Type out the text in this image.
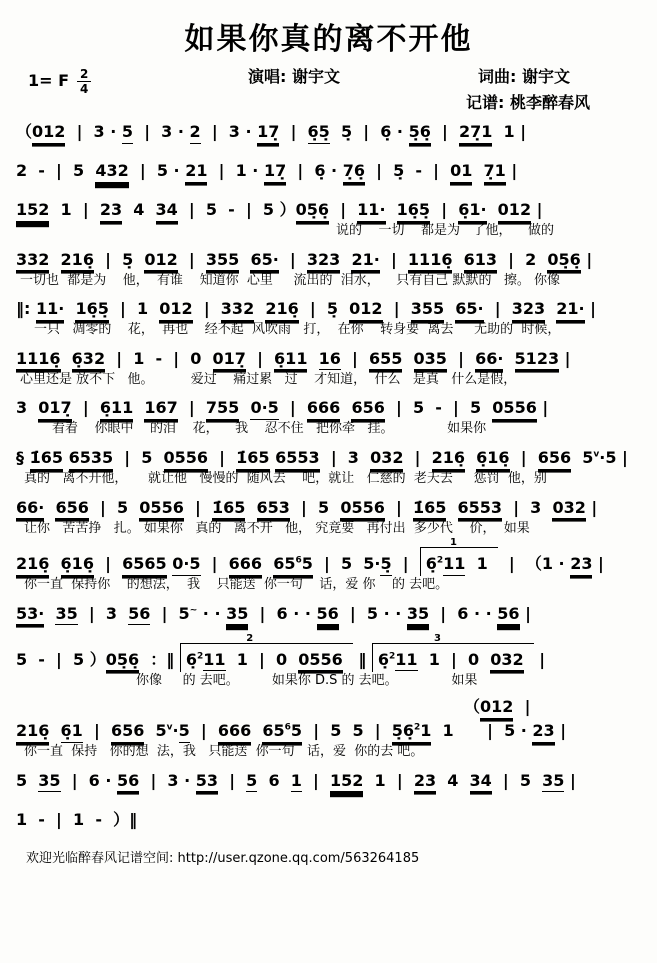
如果你真的离不开他
1= F $\frac{2}{4}$	演唱: 谢宇文	词曲: 谢宇文
记谱: 桃李醉春风
（012  |  3 · 5  |  3 · 2  |  3 · 17̣  |  6̣5̣  5̣  |  6̣ · 5̣6̣  |  27̣1  1 |
2  -  |  5  432  |  5 · 21  |  1 · 17̣  |  6̣ · 7̣6̣  |  5̣  -  |  01 7̣1 |
152  1  |  23  4  34  |  5  -  |  5 ）05̣6̣  |  11· 16̣5̣  |  6̣1· 012 |
说的    一切    都是为   了他，    做的
332 216̣  |  5̣  012  |  355 65·  |  323 21·  |  1116̣ 613  |  2  05̣6̣ |
一切也  都是为    他，  有谁    知道你  心里     流出的  泪水，    只有自己 默默的   擦。 你像
‖: 11· 16̣5̣  |  1  012  |  332 216̣  |  5̣  012  |  355 65·  |  323 21· |
一只   凋零的    花，  再也    经不起  风吹雨   打，  在你    转身要  离去     无助的  时候，
1116̣ 6̣32  |  1  -  |  0  017̣  |  6̣11 16  |  655 035  |  66· 5123 |
心里还是 放不下   他。         爱过    痛过累   过    才知道，  什么   是真   什么是假，
3  017̣  |  6̣11 167  |  755 0·5  |  666 656  |  5  -  |  5  0556 |
看着    你眼中    的泪    花，    我    忍不住   把你牵   挂。             如果你
§ 1̇65 6535  |  5  0556  |  1̇65 6553  |  3  032  |  216̣ 6̣16̣  |  656  $5^v\cdot 5$ |
真的   离不开他，     就让他   慢慢的  随风去    吧，就让   仁慈的  老天去     惩罚  他，别
66· 656  |  5  0556  |  1̇65 653  |  5  0556  |  1̇65 6553  |  3  032 |
让你   苦苦挣   扎。 如果你   真的   离不开   他， 究竟要   再付出  多少代    价，  如果
216̣ 6̣16̣  |  6565 0·5  |  666 $65^65$  |  5  5·5̣  |
1
6̣$^2$11  1  |  （1 · 23 |
你一直  保持你    的想法，  我    只能送  你一句    话，爱 你    的 去吧。
53· 35  |  3  56  |  5~ · · 35  |  6 · · 56  |  5 · · 35  |  6 · · 56 |
5  -  |  5 ）05̣6̣  ：‖
2
6̣$^2$11  1  |  0  0556 ‖
3
6̣$^2$11  1  |  0  032 |
你像     的 去吧。        如果你 D.S 的 去吧。             如果
（012  |
216̣ 6̣1  |  656  $5^v\cdot 5$  |  666 $65^65$  |  5  5  |  5̣6̣$^2$1  1      |  5 · 23 |
你一直  保持   你的想  法，我   只能送  你一句   话，爱  你的去 吧。
5  35  |  6 · 56  |  3 · 53  |  5  6  1  |  152  1  |  23  4  34  |  5  35 |
1  -  |  1  -  ）‖
欢迎光临醉春风记谱空间: http://user.qzone.qq.com/563264185
